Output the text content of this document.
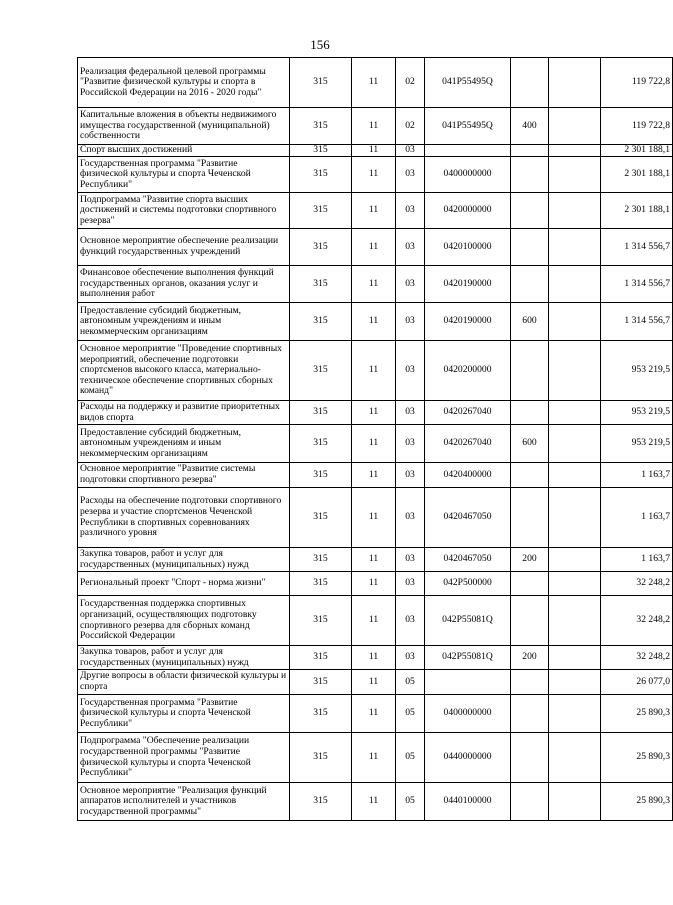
156
Реализация федеральной целевой программы "Развитие физической культуры и спорта в Российской Федерации на 2016 - 2020 годы"	315	11	02	041Р55495Q			119 722,8
Капитальные вложения в объекты недвижимого имущества государственной (муниципальной) собственности	315	11	02	041Р55495Q	400		119 722,8
Спорт высших достижений	315	11	03				2 301 188,1
Государственная программа "Развитие физической культуры и спорта Чеченской Республики"	315	11	03	0400000000			2 301 188,1
Подпрограмма "Развитие спорта высших достижений и системы подготовки спортивного резерва"	315	11	03	0420000000			2 301 188,1
Основное мероприятие обеспечение реализации функций государственных учреждений	315	11	03	0420100000			1 314 556,7
Финансовое обеспечение выполнения функций государственных органов, оказания услуг и выполнения работ	315	11	03	0420190000			1 314 556,7
Предоставление субсидий бюджетным, автономным учреждениям и иным некоммерческим организациям	315	11	03	0420190000	600		1 314 556,7
Основное мероприятие "Проведение спортивных мероприятий, обеспечение подготовки спортсменов высокого класса, материально-техническое обеспечение спортивных сборных команд"	315	11	03	0420200000			953 219,5
Расходы на поддержку и развитие приоритетных видов спорта	315	11	03	0420267040			953 219,5
Предоставление субсидий бюджетным, автономным учреждениям и иным некоммерческим организациям	315	11	03	0420267040	600		953 219,5
Основное мероприятие "Развитие системы подготовки спортивного резерва"	315	11	03	0420400000			1 163,7
Расходы на обеспечение подготовки спортивного резерва и участие спортсменов Чеченской Республики в спортивных соревнованиях различного уровня	315	11	03	0420467050			1 163,7
Закупка товаров, работ и услуг для государственных (муниципальных) нужд	315	11	03	0420467050	200		1 163,7
Региональный проект "Спорт - норма жизни"	315	11	03	042Р500000			32 248,2
Государственная поддержка спортивных организаций, осуществляющих подготовку спортивного резерва для сборных команд Российской Федерации	315	11	03	042Р55081Q			32 248,2
Закупка товаров, работ и услуг для государственных (муниципальных) нужд	315	11	03	042Р55081Q	200		32 248,2
Другие вопросы в области физической культуры и спорта	315	11	05				26 077,0
Государственная программа "Развитие физической культуры и спорта Чеченской Республики"	315	11	05	0400000000			25 890,3
Подпрограмма "Обеспечение реализации государственной программы "Развитие физической культуры и спорта Чеченской Республики"	315	11	05	0440000000			25 890,3
Основное мероприятие "Реализация функций аппаратов исполнителей и участников государственной программы"	315	11	05	0440100000			25 890,3
